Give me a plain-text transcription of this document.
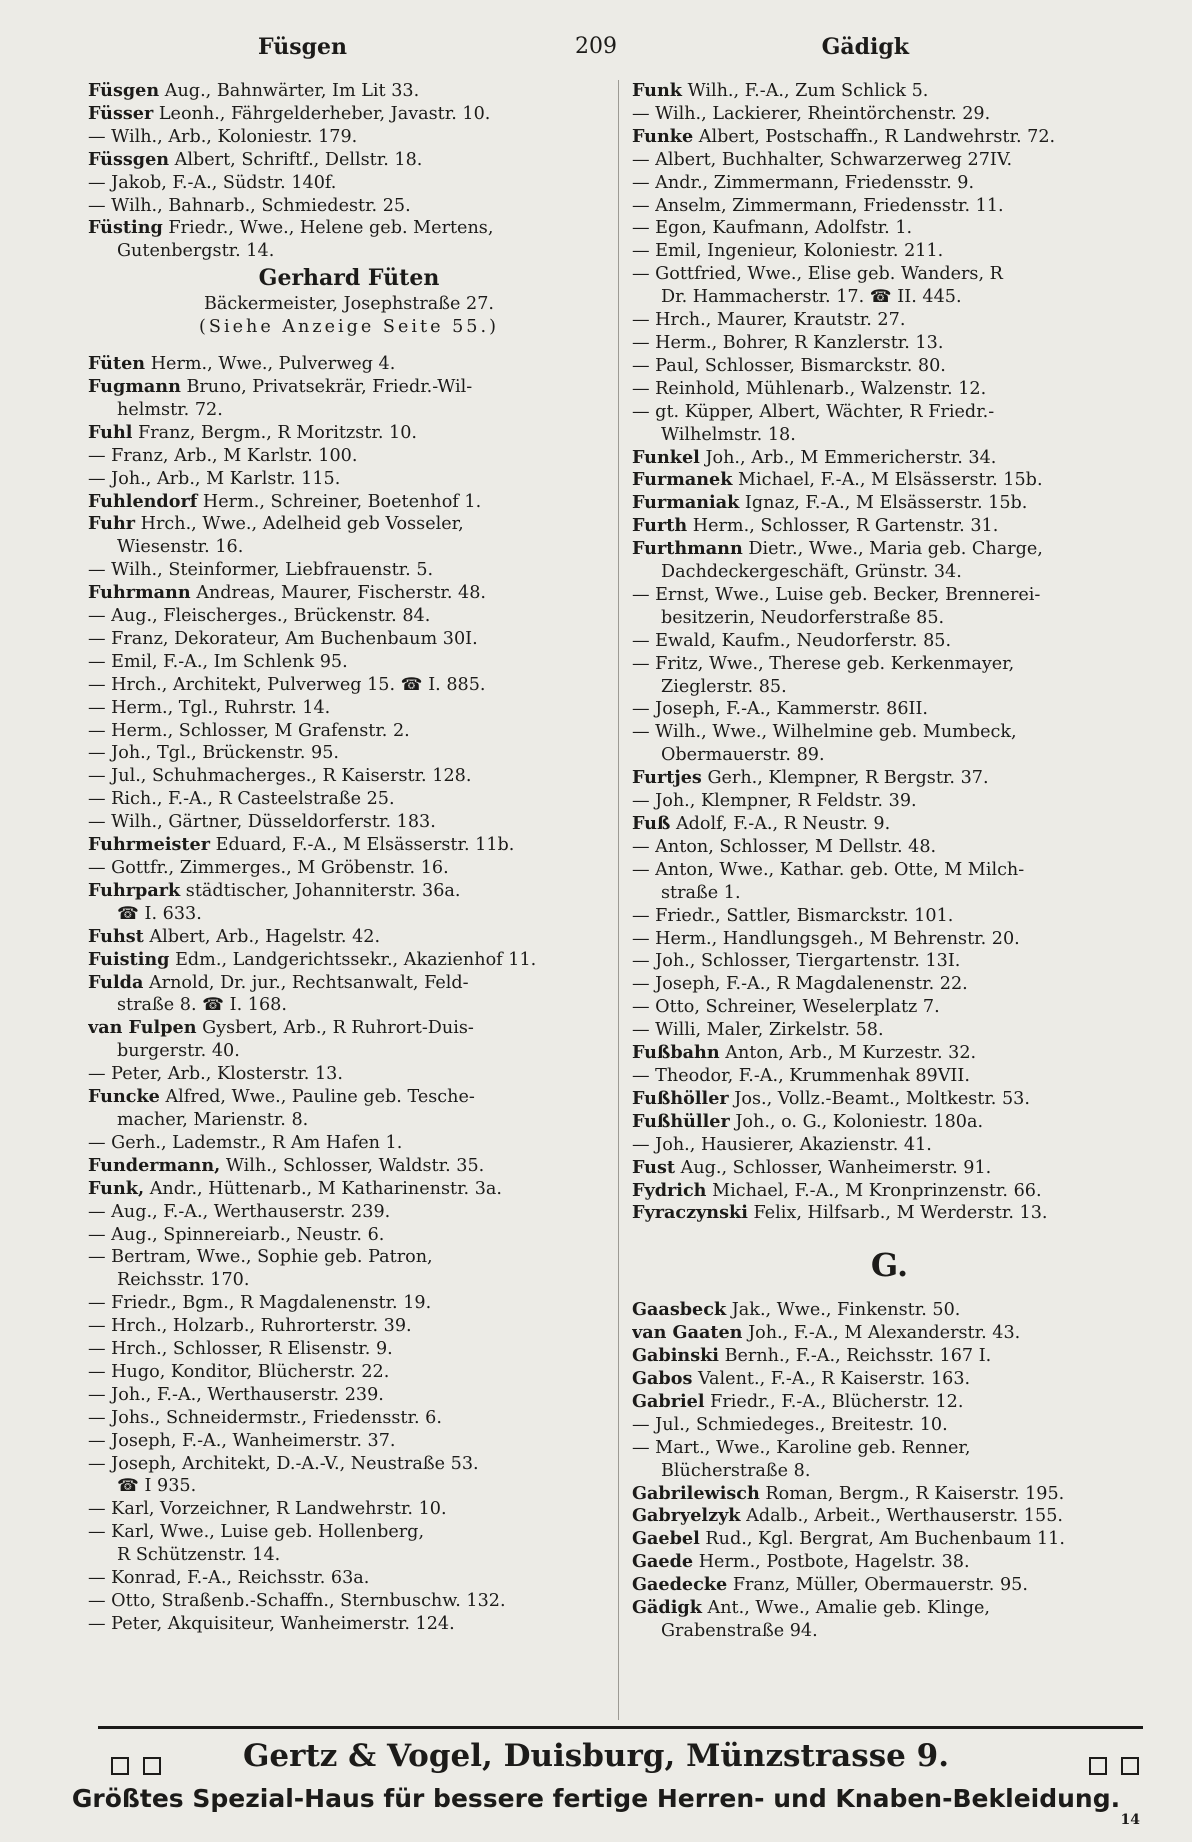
209
Füsgen	Gädigk
Füsgen Aug., Bahnwärter, Im Lit 33.
Füsser Leonh., Fährgelderheber, Javastr. 10.
— Wilh., Arb., Koloniestr. 179.
Füssgen Albert, Schriftf., Dellstr. 18.
— Jakob, F.-A., Südstr. 140f.
— Wilh., Bahnarb., Schmiedestr. 25.
Füsting Friedr., Wwe., Helene geb. Mertens,
Gutenbergstr. 14.
Gerhard Füten
Bäckermeister, Josephstraße 27.
(Siehe Anzeige Seite 55.)
Füten Herm., Wwe., Pulverweg 4.
Fugmann Bruno, Privatsekrär, Friedr.-Wil-
helmstr. 72.
Fuhl Franz, Bergm., R Moritzstr. 10.
— Franz, Arb., M Karlstr. 100.
— Joh., Arb., M Karlstr. 115.
Fuhlendorf Herm., Schreiner, Boetenhof 1.
Fuhr Hrch., Wwe., Adelheid geb Vosseler,
Wiesenstr. 16.
— Wilh., Steinformer, Liebfrauenstr. 5.
Fuhrmann Andreas, Maurer, Fischerstr. 48.
— Aug., Fleischerges., Brückenstr. 84.
— Franz, Dekorateur, Am Buchenbaum 30I.
— Emil, F.-A., Im Schlenk 95.
— Hrch., Architekt, Pulverweg 15. ☎ I. 885.
— Herm., Tgl., Ruhrstr. 14.
— Herm., Schlosser, M Grafenstr. 2.
— Joh., Tgl., Brückenstr. 95.
— Jul., Schuhmacherges., R Kaiserstr. 128.
— Rich., F.-A., R Casteelstraße 25.
— Wilh., Gärtner, Düsseldorferstr. 183.
Fuhrmeister Eduard, F.-A., M Elsässerstr. 11b.
— Gottfr., Zimmerges., M Gröbenstr. 16.
Fuhrpark städtischer, Johanniterstr. 36a.
☎ I. 633.
Fuhst Albert, Arb., Hagelstr. 42.
Fuisting Edm., Landgerichtssekr., Akazienhof 11.
Fulda Arnold, Dr. jur., Rechtsanwalt, Feld-
straße 8. ☎ I. 168.
van Fulpen Gysbert, Arb., R Ruhrort-Duis-
burgerstr. 40.
— Peter, Arb., Klosterstr. 13.
Funcke Alfred, Wwe., Pauline geb. Tesche-
macher, Marienstr. 8.
— Gerh., Lademstr., R Am Hafen 1.
Fundermann, Wilh., Schlosser, Waldstr. 35.
Funk, Andr., Hüttenarb., M Katharinenstr. 3a.
— Aug., F.-A., Werthauserstr. 239.
— Aug., Spinnereiarb., Neustr. 6.
— Bertram, Wwe., Sophie geb. Patron,
Reichsstr. 170.
— Friedr., Bgm., R Magdalenenstr. 19.
— Hrch., Holzarb., Ruhrorterstr. 39.
— Hrch., Schlosser, R Elisenstr. 9.
— Hugo, Konditor, Blücherstr. 22.
— Joh., F.-A., Werthauserstr. 239.
— Johs., Schneidermstr., Friedensstr. 6.
— Joseph, F.-A., Wanheimerstr. 37.
— Joseph, Architekt, D.-A.-V., Neustraße 53.
☎ I 935.
— Karl, Vorzeichner, R Landwehrstr. 10.
— Karl, Wwe., Luise geb. Hollenberg,
R Schützenstr. 14.
— Konrad, F.-A., Reichsstr. 63a.
— Otto, Straßenb.-Schaffn., Sternbuschw. 132.
— Peter, Akquisiteur, Wanheimerstr. 124.
Funk Wilh., F.-A., Zum Schlick 5.
— Wilh., Lackierer, Rheintörchenstr. 29.
Funke Albert, Postschaffn., R Landwehrstr. 72.
— Albert, Buchhalter, Schwarzerweg 27IV.
— Andr., Zimmermann, Friedensstr. 9.
— Anselm, Zimmermann, Friedensstr. 11.
— Egon, Kaufmann, Adolfstr. 1.
— Emil, Ingenieur, Koloniestr. 211.
— Gottfried, Wwe., Elise geb. Wanders, R
Dr. Hammacherstr. 17. ☎ II. 445.
— Hrch., Maurer, Krautstr. 27.
— Herm., Bohrer, R Kanzlerstr. 13.
— Paul, Schlosser, Bismarckstr. 80.
— Reinhold, Mühlenarb., Walzenstr. 12.
— gt. Küpper, Albert, Wächter, R Friedr.-
Wilhelmstr. 18.
Funkel Joh., Arb., M Emmericherstr. 34.
Furmanek Michael, F.-A., M Elsässerstr. 15b.
Furmaniak Ignaz, F.-A., M Elsässerstr. 15b.
Furth Herm., Schlosser, R Gartenstr. 31.
Furthmann Dietr., Wwe., Maria geb. Charge,
Dachdeckergeschäft, Grünstr. 34.
— Ernst, Wwe., Luise geb. Becker, Brennerei-
besitzerin, Neudorferstraße 85.
— Ewald, Kaufm., Neudorferstr. 85.
— Fritz, Wwe., Therese geb. Kerkenmayer,
Zieglerstr. 85.
— Joseph, F.-A., Kammerstr. 86II.
— Wilh., Wwe., Wilhelmine geb. Mumbeck,
Obermauerstr. 89.
Furtjes Gerh., Klempner, R Bergstr. 37.
— Joh., Klempner, R Feldstr. 39.
Fuß Adolf, F.-A., R Neustr. 9.
— Anton, Schlosser, M Dellstr. 48.
— Anton, Wwe., Kathar. geb. Otte, M Milch-
straße 1.
— Friedr., Sattler, Bismarckstr. 101.
— Herm., Handlungsgeh., M Behrenstr. 20.
— Joh., Schlosser, Tiergartenstr. 13I.
— Joseph, F.-A., R Magdalenenstr. 22.
— Otto, Schreiner, Weselerplatz 7.
— Willi, Maler, Zirkelstr. 58.
Fußbahn Anton, Arb., M Kurzestr. 32.
— Theodor, F.-A., Krummenhak 89VII.
Fußhöller Jos., Vollz.-Beamt., Moltkestr. 53.
Fußhüller Joh., o. G., Koloniestr. 180a.
— Joh., Hausierer, Akazienstr. 41.
Fust Aug., Schlosser, Wanheimerstr. 91.
Fydrich Michael, F.-A., M Kronprinzenstr. 66.
Fyraczynski Felix, Hilfsarb., M Werderstr. 13.
G.
Gaasbeck Jak., Wwe., Finkenstr. 50.
van Gaaten Joh., F.-A., M Alexanderstr. 43.
Gabinski Bernh., F.-A., Reichsstr. 167 I.
Gabos Valent., F.-A., R Kaiserstr. 163.
Gabriel Friedr., F.-A., Blücherstr. 12.
— Jul., Schmiedeges., Breitestr. 10.
— Mart., Wwe., Karoline geb. Renner,
Blücherstraße 8.
Gabrilewisch Roman, Bergm., R Kaiserstr. 195.
Gabryelzyk Adalb., Arbeit., Werthauserstr. 155.
Gaebel Rud., Kgl. Bergrat, Am Buchenbaum 11.
Gaede Herm., Postbote, Hagelstr. 38.
Gaedecke Franz, Müller, Obermauerstr. 95.
Gädigk Ant., Wwe., Amalie geb. Klinge,
Grabenstraße 94.
Gertz & Vogel, Duisburg, Münzstrasse 9.
Größtes Spezial-Haus für bessere fertige Herren- und Knaben-Bekleidung.
14
